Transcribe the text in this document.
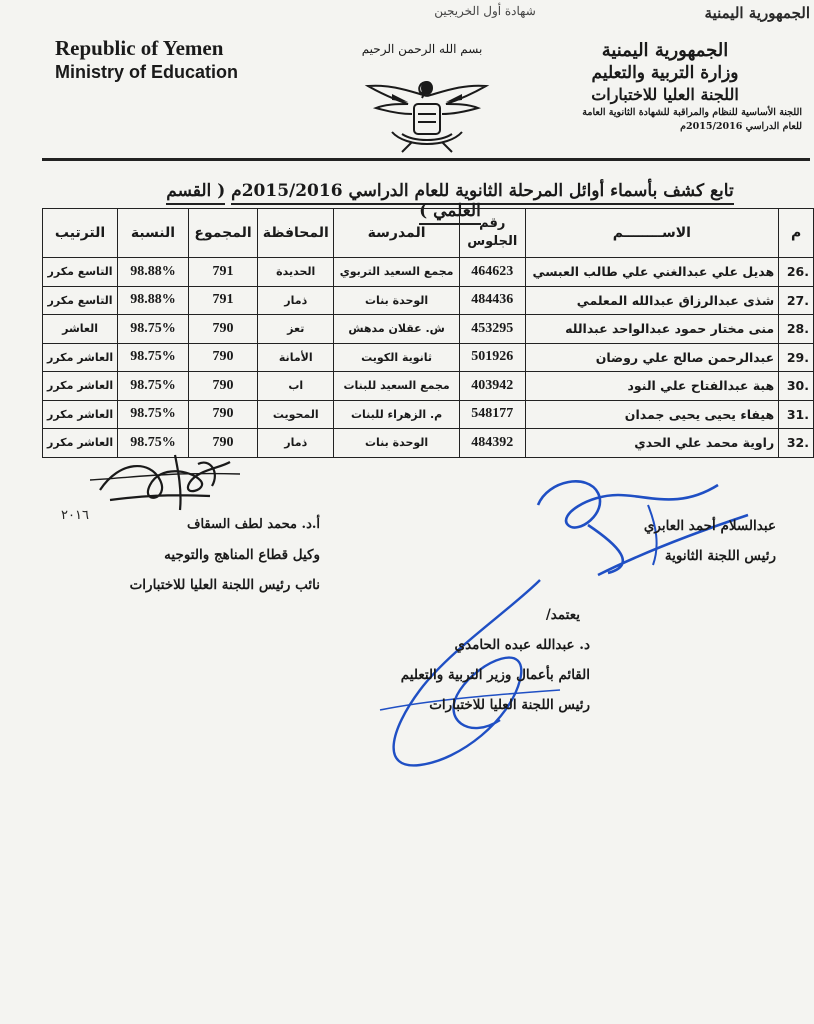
الجمهورية اليمنية
شهادة أول الخريجين
Republic of Yemen
Ministry of Education
بسم الله الرحمن الرحيم	الجمهورية اليمنية
وزارة التربية والتعليم
اللجنة العليا للاختبارات
اللجنة الأساسية للنظام والمراقبة للشهادة الثانوية العامة
للعام الدراسي 2015/2016م
تابع كشف بأسماء أوائل المرحلة الثانوية للعام الدراسي 2015/2016م ( القسم العلمي )
م	الاســــــــم	رقم الجلوس	المدرسة	المحافظة	المجموع	النسبة	الترتيب
26.	هديل علي عبدالغني علي طالب العبسي	464623	مجمع السعيد التربوي	الحديدة	791	98.88%	التاسع مكرر
27.	شذى عبدالرزاق عبدالله المعلمي	484436	الوحدة بنات	ذمار	791	98.88%	التاسع مكرر
28.	منى مختار حمود عبدالواحد عبدالله	453295	ش. عقلان مدهش	تعز	790	98.75%	العاشر
29.	عبدالرحمن صالح علي روضان	501926	ثانوية الكويت	الأمانة	790	98.75%	العاشر مكرر
30.	هبة عبدالفتاح علي النود	403942	مجمع السعيد للبنات	اب	790	98.75%	العاشر مكرر
31.	هيفاء يحيى يحيى جمدان	548177	م. الزهراء للبنات	المحويت	790	98.75%	العاشر مكرر
32.	راوية محمد علي الحدي	484392	الوحدة بنات	ذمار	790	98.75%	العاشر مكرر
٢٠١٦
أ.د. محمد لطف السقاف
وكيل قطاع المناهج والتوجيه
نائب رئيس اللجنة العليا للاختبارات
عبدالسلام أحمد العابري
رئيس اللجنة الثانوية
يعتمد/
د. عبدالله عبده الحامدي
القائم بأعمال وزير التربية والتعليم
رئيس اللجنة العليا للاختبارات
